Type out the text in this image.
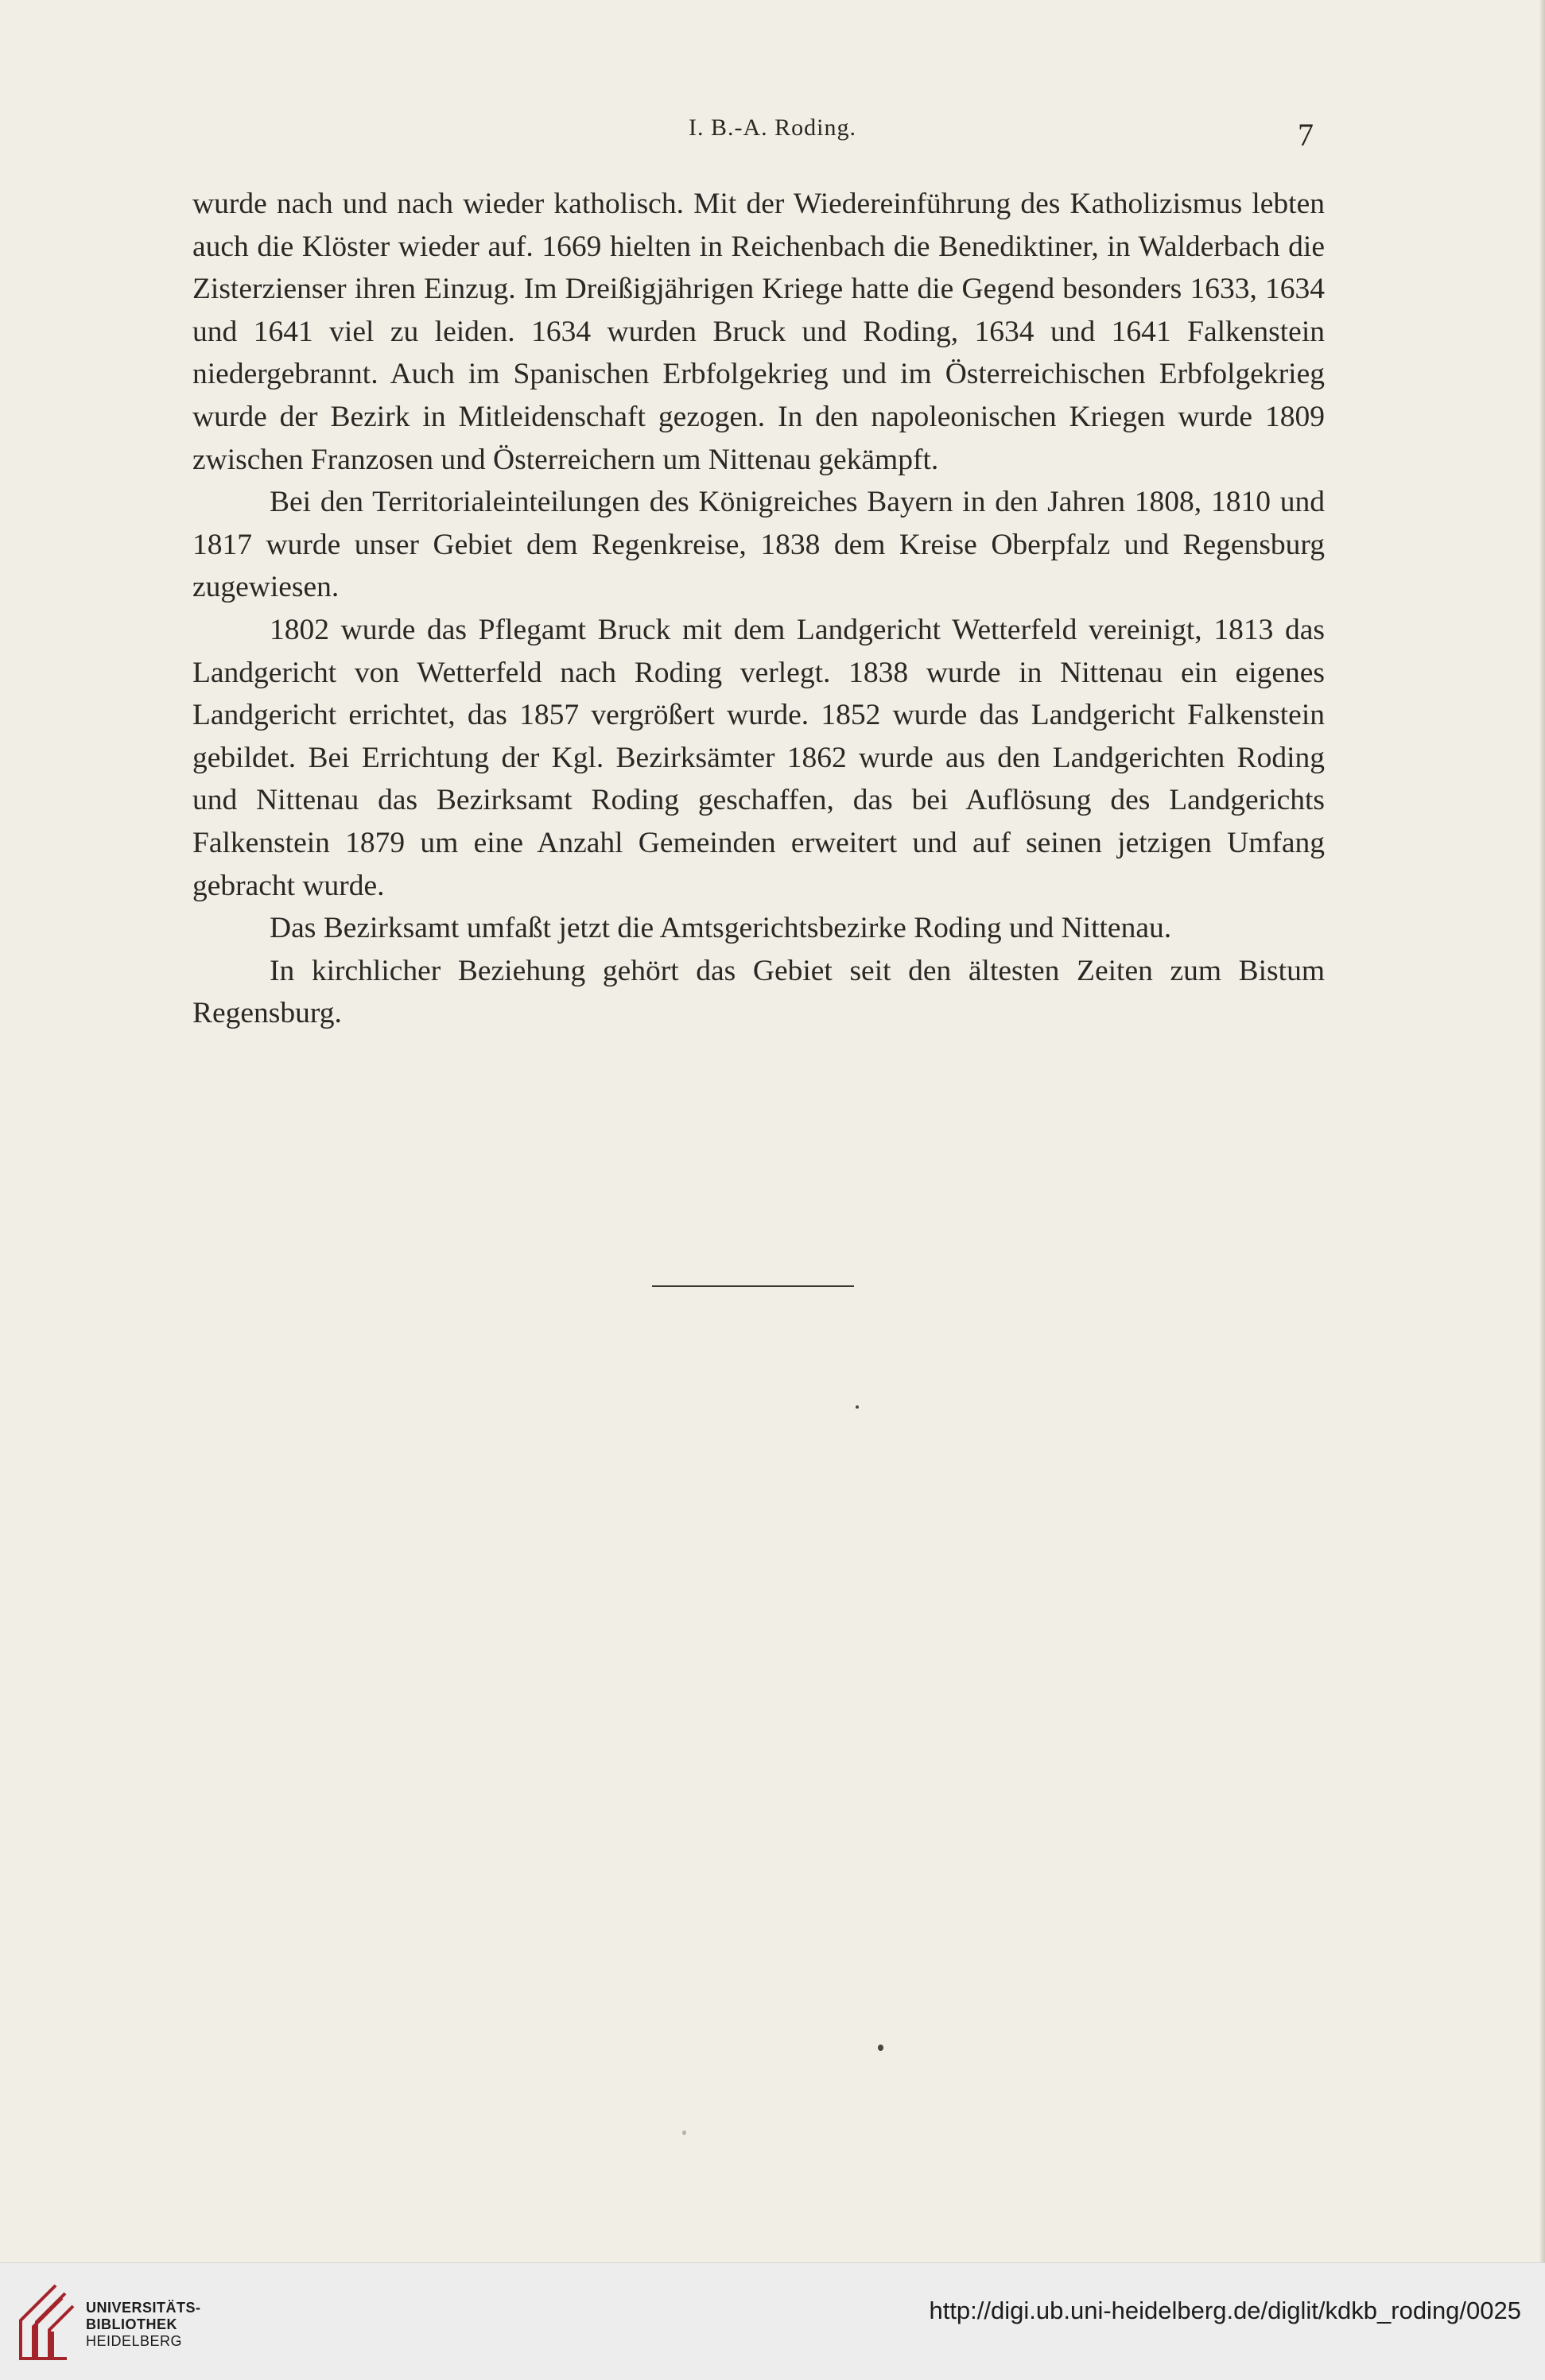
I. B.-A. Roding.	7

wurde nach und nach wieder katholisch. Mit der Wiedereinführung des Katholizismus lebten auch die Klöster wieder auf. 1669 hielten in Reichenbach die Benediktiner, in Walderbach die Zisterzienser ihren Einzug. Im Dreißigjährigen Kriege hatte die Gegend besonders 1633, 1634 und 1641 viel zu leiden. 1634 wurden Bruck und Roding, 1634 und 1641 Falkenstein niedergebrannt. Auch im Spanischen Erbfolgekrieg und im Österreichischen Erbfolgekrieg wurde der Bezirk in Mitleidenschaft gezogen. In den napoleonischen Kriegen wurde 1809 zwischen Franzosen und Österreichern um Nittenau gekämpft.

Bei den Territorialeinteilungen des Königreiches Bayern in den Jahren 1808, 1810 und 1817 wurde unser Gebiet dem Regenkreise, 1838 dem Kreise Oberpfalz und Regensburg zugewiesen.

1802 wurde das Pflegamt Bruck mit dem Landgericht Wetterfeld vereinigt, 1813 das Landgericht von Wetterfeld nach Roding verlegt. 1838 wurde in Nittenau ein eigenes Landgericht errichtet, das 1857 vergrößert wurde. 1852 wurde das Landgericht Falkenstein gebildet. Bei Errichtung der Kgl. Bezirksämter 1862 wurde aus den Landgerichten Roding und Nittenau das Bezirksamt Roding geschaffen, das bei Auflösung des Landgerichts Falkenstein 1879 um eine Anzahl Gemeinden erweitert und auf seinen jetzigen Umfang gebracht wurde.

Das Bezirksamt umfaßt jetzt die Amtsgerichtsbezirke Roding und Nittenau.

In kirchlicher Beziehung gehört das Gebiet seit den ältesten Zeiten zum Bistum Regensburg.

UNIVERSITÄTS-
BIBLIOTHEK
HEIDELBERG
http://digi.ub.uni-heidelberg.de/diglit/kdkb_roding/0025
